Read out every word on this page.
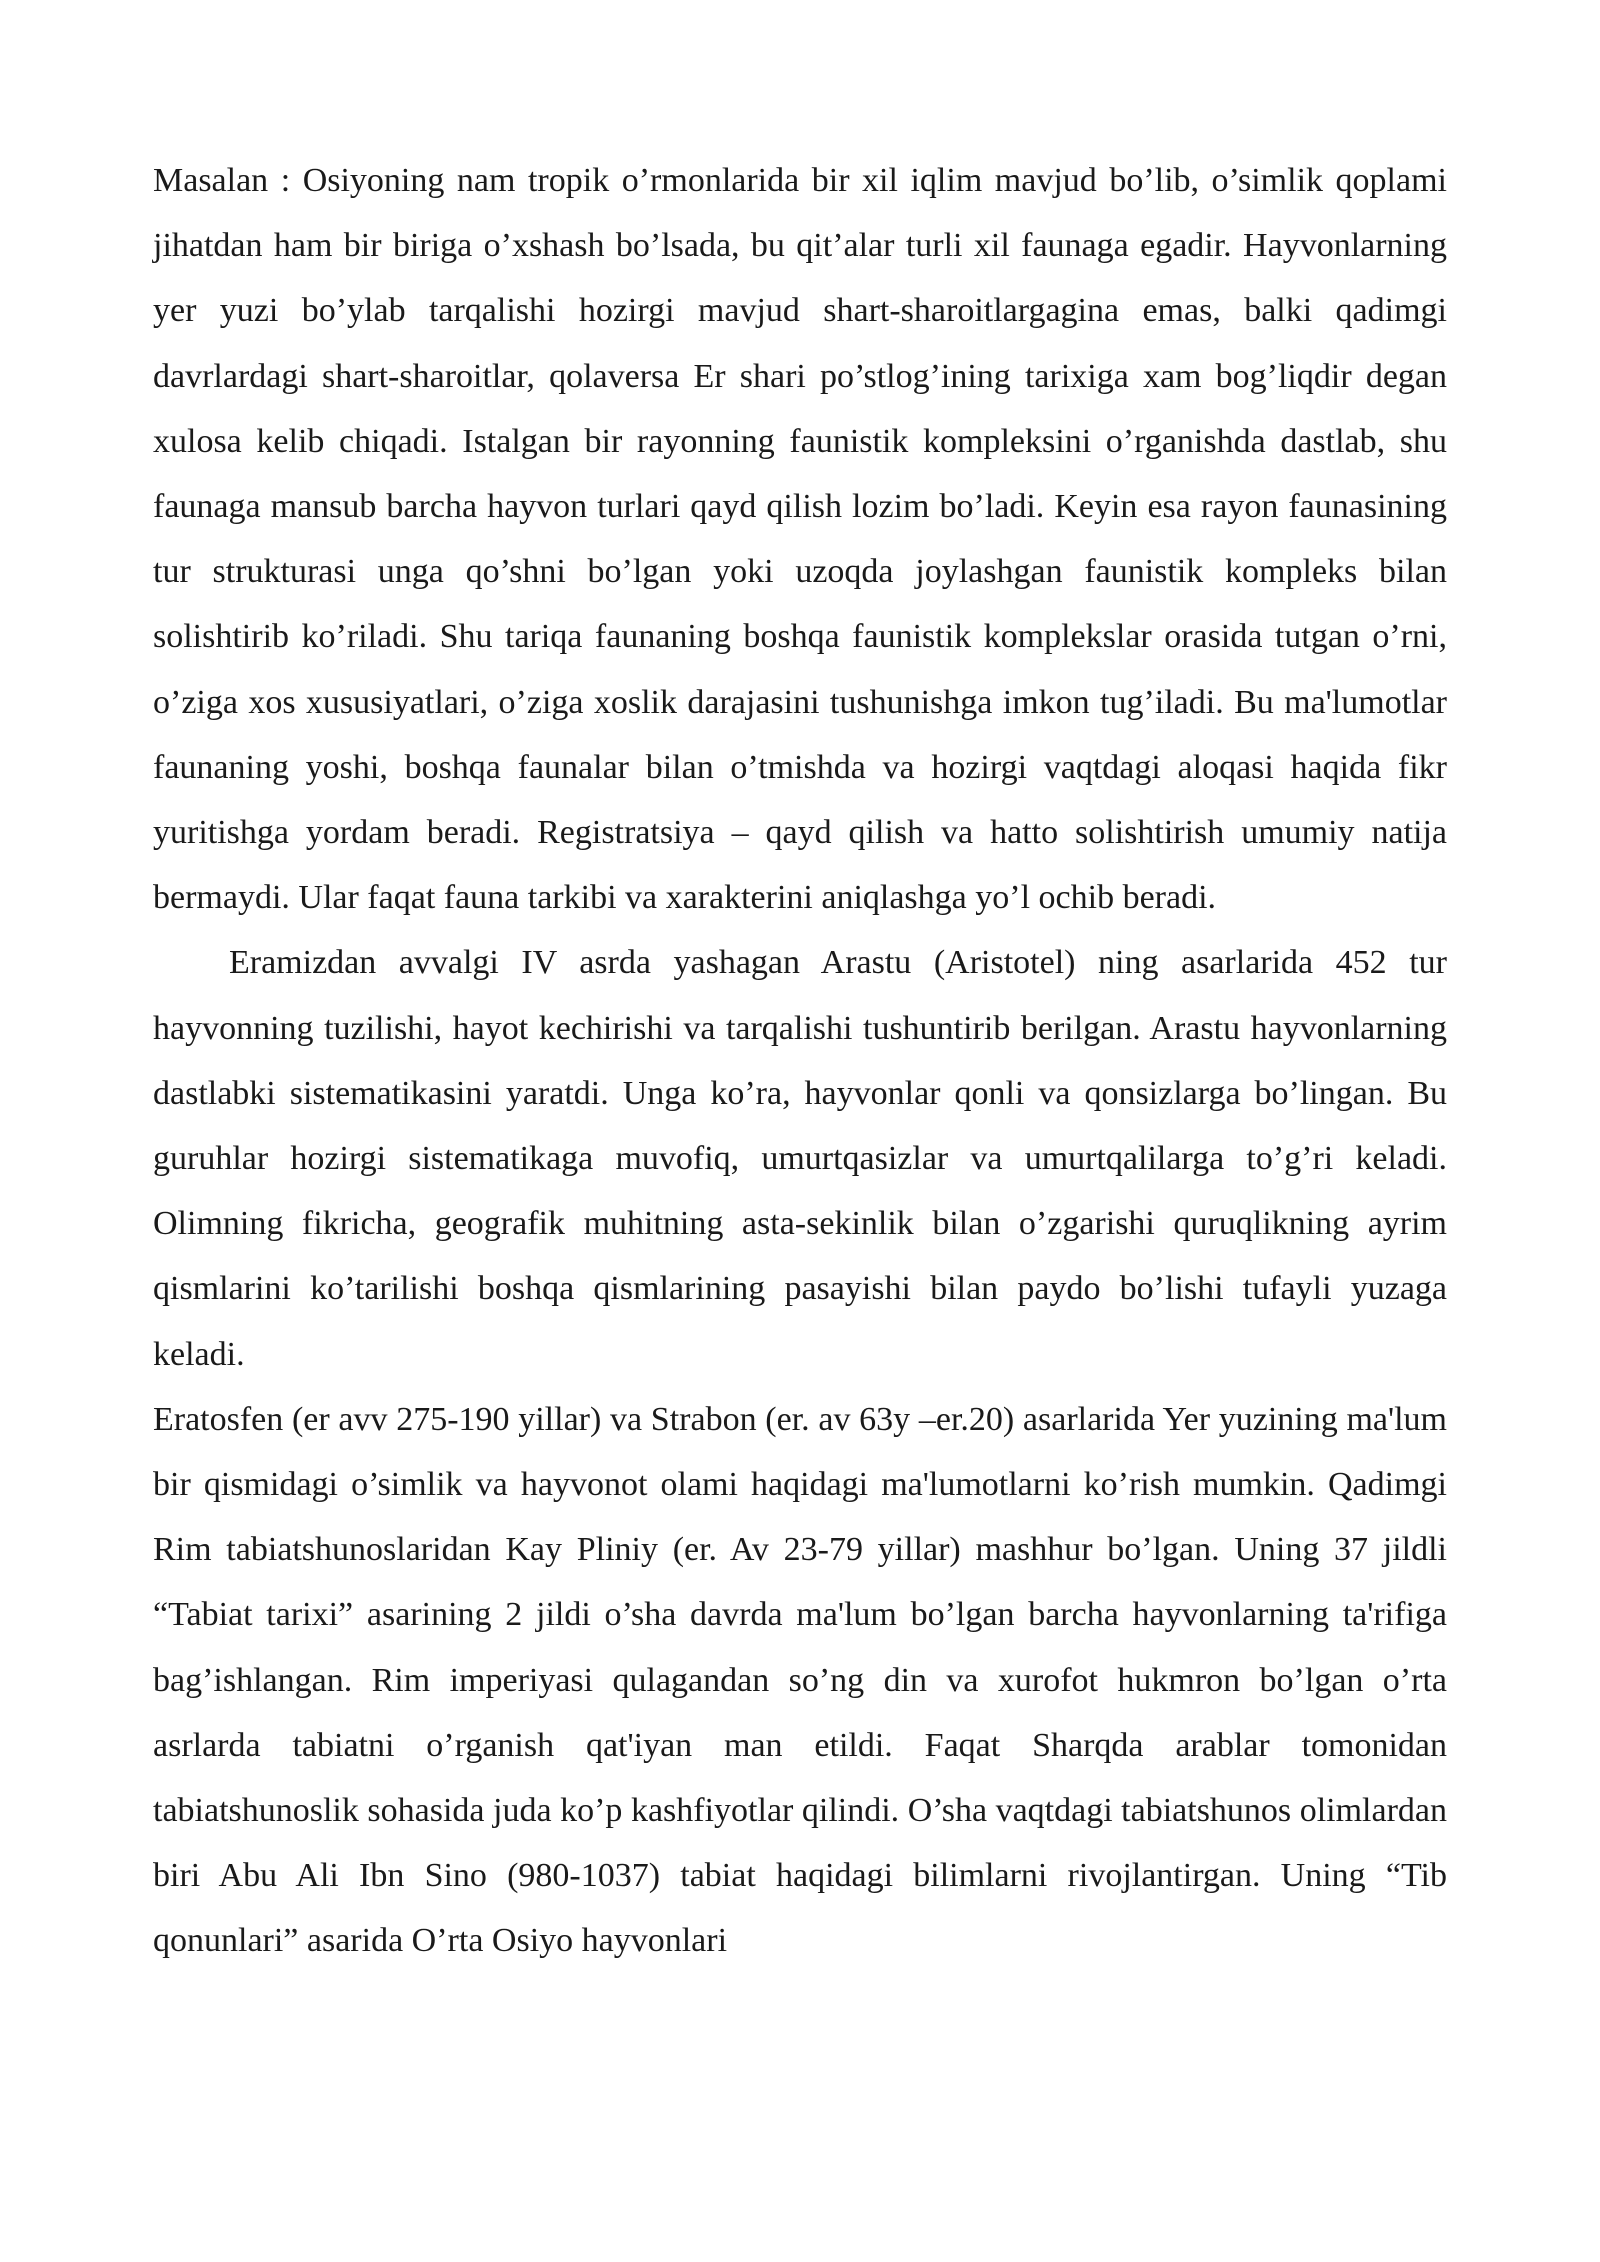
Masalan : Osiyoning nam tropik o’rmonlarida bir xil iqlim mavjud bo’lib, o’simlik qoplami jihatdan ham bir biriga o’xshash bo’lsada, bu qit’alar turli xil faunaga egadir. Hayvonlarning yer yuzi bo’ylab tarqalishi hozirgi mavjud shart-sharoitlargagina emas, balki qadimgi davrlardagi shart-sharoitlar, qolaversa Er shari po’stlog’ining tarixiga xam bog’liqdir degan xulosa kelib chiqadi. Istalgan bir rayonning faunistik kompleksini o’rganishda dastlab, shu faunaga mansub barcha hayvon turlari qayd qilish lozim bo’ladi. Keyin esa rayon faunasining tur strukturasi unga qo’shni bo’lgan yoki uzoqda joylashgan faunistik kompleks bilan solishtirib ko’riladi. Shu tariqa faunaning boshqa faunistik komplekslar orasida tutgan o’rni, o’ziga xos xususiyatlari, o’ziga xoslik darajasini tushunishga imkon tug’iladi. Bu ma'lumotlar faunaning yoshi, boshqa faunalar bilan o’tmishda va hozirgi vaqtdagi aloqasi haqida fikr yuritishga yordam beradi. Registratsiya – qayd qilish va hatto solishtirish umumiy natija bermaydi. Ular faqat fauna tarkibi va xarakterini aniqlashga yo’l ochib beradi.

Eramizdan avvalgi IV asrda yashagan Arastu (Aristotel) ning asarlarida 452 tur hayvonning tuzilishi, hayot kechirishi va tarqalishi tushuntirib berilgan. Arastu hayvonlarning dastlabki sistematikasini yaratdi. Unga ko’ra, hayvonlar qonli va qonsizlarga bo’lingan. Bu guruhlar hozirgi sistematikaga muvofiq, umurtqasizlar va umurtqalilarga to’g’ri keladi. Olimning fikricha, geografik muhitning asta-sekinlik bilan o’zgarishi quruqlikning ayrim qismlarini ko’tarilishi boshqa qismlarining pasayishi bilan paydo bo’lishi tufayli yuzaga keladi.

Eratosfen (er avv 275-190 yillar) va Strabon (er. av 63y –er.20) asarlarida Yer yuzining ma'lum bir qismidagi o’simlik va hayvonot olami haqidagi ma'lumotlarni ko’rish mumkin. Qadimgi Rim tabiatshunoslaridan Kay Pliniy (er. Av 23-79 yillar) mashhur bo’lgan. Uning 37 jildli “Tabiat tarixi” asarining 2 jildi o’sha davrda ma'lum bo’lgan barcha hayvonlarning ta'rifiga bag’ishlangan. Rim imperiyasi qulagandan so’ng din va xurofot hukmron bo’lgan o’rta asrlarda tabiatni o’rganish qat'iyan man etildi. Faqat Sharqda arablar tomonidan tabiatshunoslik sohasida juda ko’p kashfiyotlar qilindi. O’sha vaqtdagi tabiatshunos olimlardan biri Abu Ali Ibn Sino (980-1037) tabiat haqidagi bilimlarni rivojlantirgan. Uning “Tib qonunlari” asarida O’rta Osiyo hayvonlari
